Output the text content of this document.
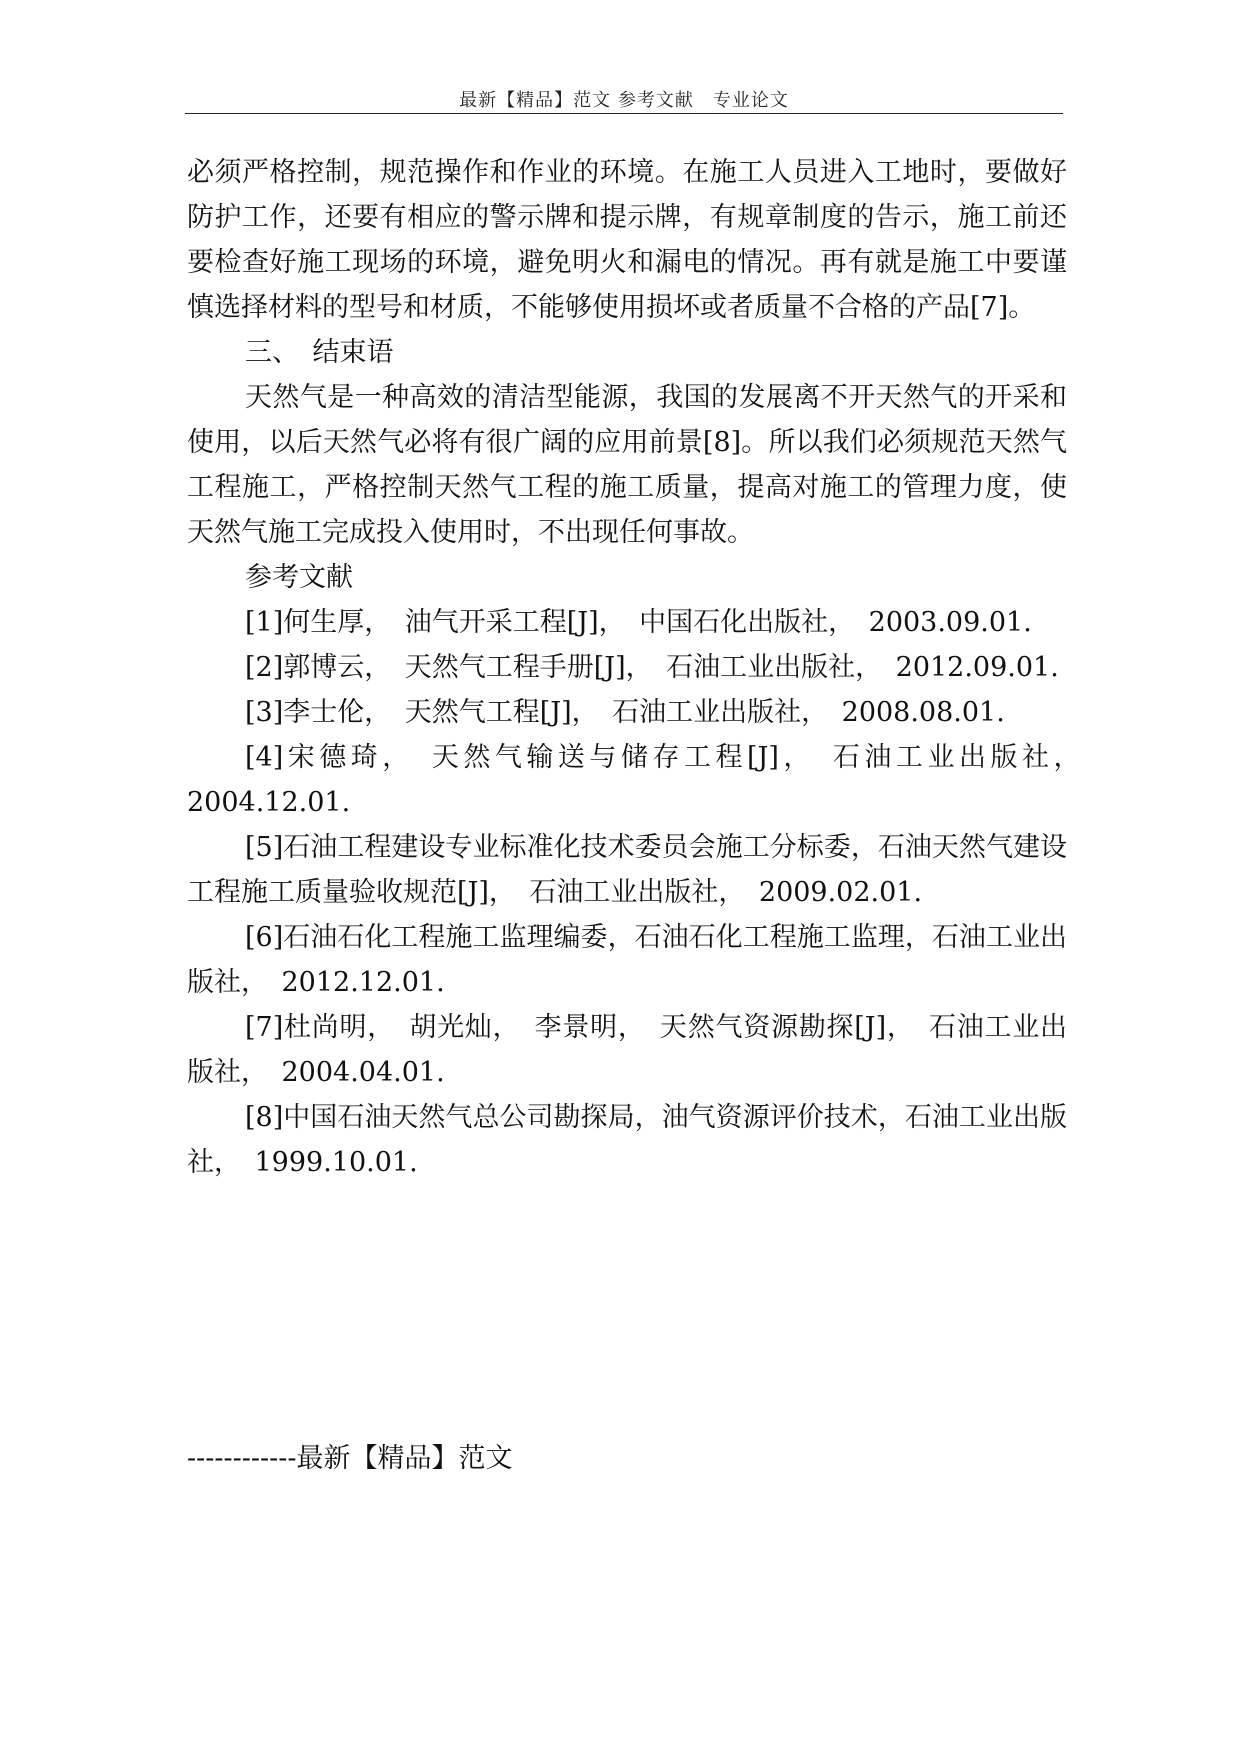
最新【精品】范文 参考文献　专业论文

必须严格控制，规范操作和作业的环境。在施工人员进入工地时，要做好防护工作，还要有相应的警示牌和提示牌，有规章制度的告示，施工前还要检查好施工现场的环境，避免明火和漏电的情况。再有就是施工中要谨慎选择材料的型号和材质，不能够使用损坏或者质量不合格的产品[7]。

三、　结束语

天然气是一种高效的清洁型能源，我国的发展离不开天然气的开采和使用，以后天然气必将有很广阔的应用前景[8]。所以我们必须规范天然气工程施工，严格控制天然气工程的施工质量，提高对施工的管理力度，使天然气施工完成投入使用时，不出现任何事故。

参考文献

[1]何生厚，　油气开采工程[J]，　中国石化出版社，　2003.09.01.

[2]郭博云，　天然气工程手册[J]，　石油工业出版社，　2012.09.01.

[3]李士伦，　天然气工程[J]，　石油工业出版社，　2008.08.01.

[4]宋德琦，　天然气输送与储存工程[J]，　石油工业出版社，　2004.12.01.

[5]石油工程建设专业标准化技术委员会施工分标委，石油天然气建设工程施工质量验收规范[J]，　石油工业出版社，　2009.02.01.

[6]石油石化工程施工监理编委，石油石化工程施工监理，石油工业出版社，　2012.12.01.

[7]杜尚明，　胡光灿，　李景明，　天然气资源勘探[J]，　石油工业出版社，　2004.04.01.

[8]中国石油天然气总公司勘探局，油气资源评价技术，石油工业出版社，　1999.10.01.

------------最新【精品】范文
